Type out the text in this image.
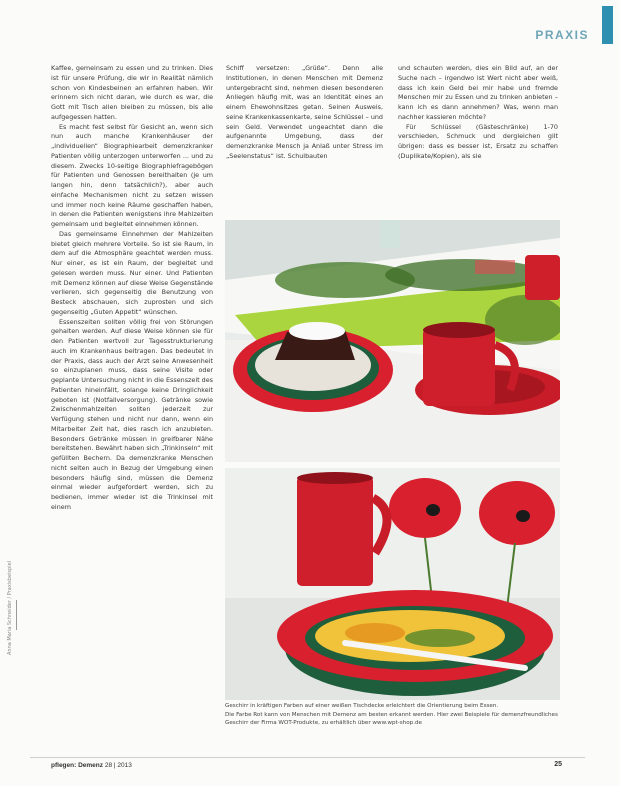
PRAXIS

Kaffee, gemeinsam zu essen und zu trinken. Dies ist für unsere Prüfung, die wir in Realität nämlich schon von Kindesbeinen an erfahren haben. Wir erinnern sich nicht daran, wie durch es war, die Gott mit Tisch allen bleiben zu müssen, bis alle aufgegessen hatten.

Es macht fest selbst für Gesicht an, wenn sich nun auch manche Krankenhäuser der „individuellen“ Biographiearbeit demenzkranker Patienten völlig unterzogen unterworfen ... und zu diesem. Zwecks 10-seitige Biographiefragebögen für Patienten und Genossen bereithalten (je um langen hin, denn tatsächlich?), aber auch einfache Mechanismen nicht zu setzen wissen und immer noch keine Räume geschaffen haben, in denen die Patienten wenigstens ihre Mahlzeiten gemeinsam und begleitet einnehmen können.

Das gemeinsame Einnehmen der Mahlzeiten bietet gleich mehrere Vorteile. So ist sie Raum, in dem auf die Atmosphäre geachtet werden muss. Nur einer, es ist ein Raum, der begleitet und gelesen werden muss. Nur einer. Und Patienten mit Demenz können auf diese Weise Gegenstände verlieren, sich gegenseitig die Benutzung von Besteck abschauen, sich zuprosten und sich gegenseitig „Guten Appetit“ wünschen.

Essenszeiten sollten völlig frei von Störungen gehalten werden. Auf diese Weise können sie für den Patienten wertvoll zur Tagesstrukturierung auch im Krankenhaus beitragen. Das bedeutet in der Praxis, dass auch der Arzt seine Anwesenheit so einzuplanen muss, dass seine Visite oder geplante Untersuchung nicht in die Essenszeit des Patienten hineinfällt, solange keine Dringlichkeit geboten ist (Notfallversorgung). Getränke sowie Zwischenmahlzeiten sollten jederzeit zur Verfügung stehen und nicht nur dann, wenn ein Mitarbeiter Zeit hat, dies rasch ich anzubieten. Besonders Getränke müssen in greifbarer Nähe bereitstehen. Bewährt haben sich „Trinkinseln“ mit gefüllten Bechern. Da demenzkranke Menschen nicht selten auch in Bezug der Umgebung einen besonders häufig sind, müssen die Demenz einmal wieder aufgefordert werden, sich zu bedienen, immer wieder ist die Trinkinsel mit einem

Schiff versetzen: „Grüße“. Denn alle Institutionen, in denen Menschen mit Demenz untergebracht sind, nehmen diesen besonderen Anliegen häufig mit, was an Identität eines an einem Ehewohnsitzes getan. Seinen Ausweis, seine Krankenkassenkarte, seine Schlüssel – und sein Geld. Verwendet ungeachtet dann die aufgenannte Umgebung, dass der demenzkranke Mensch ja Anlaß unter Stress im „Seelenstatus“ ist. Schulbauten

und schauten werden, dies ein Bild auf, an der Suche nach – irgendwo ist Wert nicht aber weiß, dass ich kein Geld bei mir habe und fremde Menschen mir zu Essen und zu trinken anbieten – kann ich es dann annehmen? Was, wenn man nachher kassieren möchte?

Für Schlüssel (Gästeschränke) 1-70 verschieden, Schmuck und dergleichen gilt übrigen: dass es besser ist, Ersatz zu schaffen (Duplikate/Kopien), als sie

Geschirr in kräftigen Farben auf einer weißen Tischdecke erleichtert die Orientierung beim Essen.

Die Farbe Rot kann von Menschen mit Demenz am besten erkannt werden. Hier zwei Beispiele für demenzfreundliches Geschirr der Firma WOT-Produkte, zu erhältlich über www.wpt-shop.de

Anna Maria Schneider / Praxisbeispiel
pflegen: Demenz 28 | 2013	25
